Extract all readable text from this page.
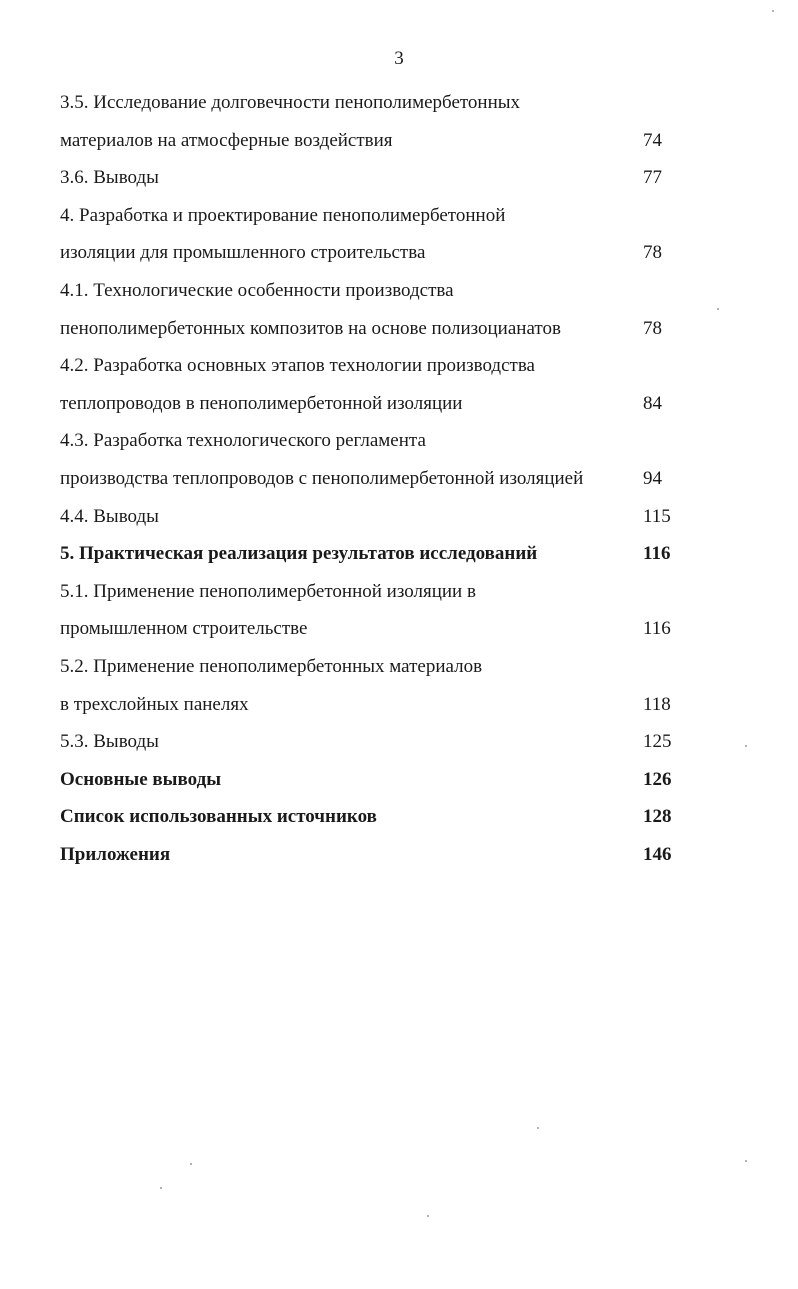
3
3.5. Исследование долговечности пенополимербетонных
материалов на атмосферные воздействия	74
3.6. Выводы	77
4. Разработка и проектирование пенополимербетонной
изоляции для промышленного строительства	78
4.1. Технологические особенности производства
пенополимербетонных композитов на основе полизоцианатов	78
4.2. Разработка основных этапов технологии производства
теплопроводов в пенополимербетонной изоляции	84
4.3. Разработка технологического регламента
производства теплопроводов с пенополимербетонной изоляцией	94
4.4. Выводы	115
5. Практическая реализация результатов исследований	116
5.1. Применение пенополимербетонной изоляции в
промышленном строительстве	116
5.2. Применение пенополимербетонных материалов
в трехслойных панелях	118
5.3. Выводы	125
Основные выводы	126
Список использованных источников	128
Приложения	146
